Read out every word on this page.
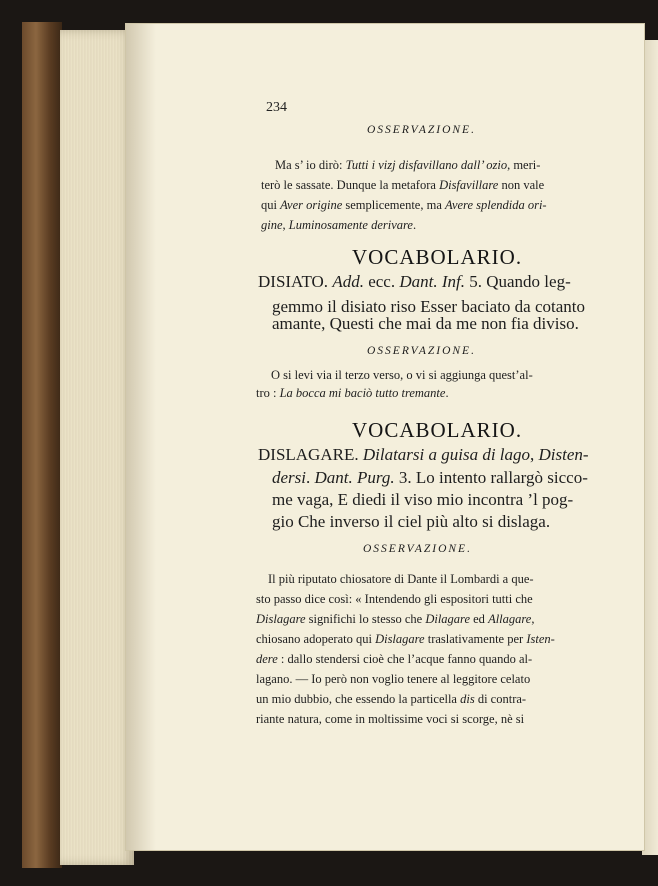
234
OSSERVAZIONE.
Ma s’ io dirò: Tutti i vizj disfavillano dall’ ozio, meri-
terò le sassate. Dunque la metafora Disfavillare non vale
qui Aver origine semplicemente, ma Avere splendida ori-
gine, Luminosamente derivare.
VOCABOLARIO.
DISIATO. Add. ecc. Dant. Inf. 5. Quando leg-
gemmo il disiato riso Esser baciato da cotanto
amante, Questi che mai da me non fia diviso.
OSSERVAZIONE.
O si levi via il terzo verso, o vi si aggiunga quest’al-
tro : La bocca mi baciò tutto tremante.
VOCABOLARIO.
DISLAGARE. Dilatarsi a guisa di lago, Disten-
dersi. Dant. Purg. 3. Lo intento rallargò sicco-
me vaga, E diedi il viso mio incontra ’l pog-
gio Che inverso il ciel più alto si dislaga.
OSSERVAZIONE.
Il più riputato chiosatore di Dante il Lombardi a que-
sto passo dice così: « Intendendo gli espositori tutti che
Dislagare significhi lo stesso che Dilagare ed Allagare,
chiosano adoperato qui Dislagare traslativamente per Isten-
dere : dallo stendersi cioè che l’acque fanno quando al-
lagano. — Io però non voglio tenere al leggitore celato
un mio dubbio, che essendo la particella dis di contra-
riante natura, come in moltissime voci si scorge, nè si
